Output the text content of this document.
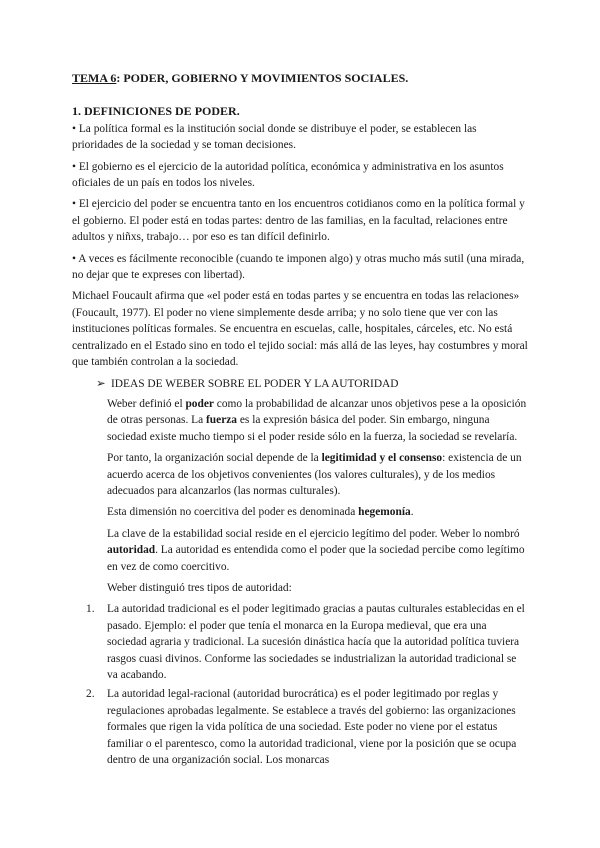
TEMA 6: PODER, GOBIERNO Y MOVIMIENTOS SOCIALES.
1. DEFINICIONES DE PODER.
• La política formal es la institución social donde se distribuye el poder, se establecen las prioridades de la sociedad y se toman decisiones.
• El gobierno es el ejercicio de la autoridad política, económica y administrativa en los asuntos oficiales de un país en todos los niveles.
• El ejercicio del poder se encuentra tanto en los encuentros cotidianos como en la política formal y el gobierno. El poder está en todas partes: dentro de las familias, en la facultad, relaciones entre adultos y niñxs, trabajo… por eso es tan difícil definirlo.
• A veces es fácilmente reconocible (cuando te imponen algo) y otras mucho más sutil (una mirada, no dejar que te expreses con libertad).
Michael Foucault afirma que «el poder está en todas partes y se encuentra en todas las relaciones» (Foucault, 1977). El poder no viene simplemente desde arriba; y no solo tiene que ver con las instituciones políticas formales. Se encuentra en escuelas, calle, hospitales, cárceles, etc. No está centralizado en el Estado sino en todo el tejido social: más allá de las leyes, hay costumbres y moral que también controlan a la sociedad.
➢ IDEAS DE WEBER SOBRE EL PODER Y LA AUTORIDAD
Weber definió el poder como la probabilidad de alcanzar unos objetivos pese a la oposición de otras personas. La fuerza es la expresión básica del poder. Sin embargo, ninguna sociedad existe mucho tiempo si el poder reside sólo en la fuerza, la sociedad se revelaría.
Por tanto, la organización social depende de la legitimidad y el consenso: existencia de un acuerdo acerca de los objetivos convenientes (los valores culturales), y de los medios adecuados para alcanzarlos (las normas culturales).
Esta dimensión no coercitiva del poder es denominada hegemonía.
La clave de la estabilidad social reside en el ejercicio legítimo del poder. Weber lo nombró autoridad. La autoridad es entendida como el poder que la sociedad percibe como legítimo en vez de como coercitivo.
Weber distinguió tres tipos de autoridad:
1.	La autoridad tradicional es el poder legitimado gracias a pautas culturales establecidas en el pasado. Ejemplo: el poder que tenía el monarca en la Europa medieval, que era una sociedad agraria y tradicional. La sucesión dinástica hacía que la autoridad política tuviera rasgos cuasi divinos. Conforme las sociedades se industrializan la autoridad tradicional se va acabando.
2.	La autoridad legal-racional (autoridad burocrática) es el poder legitimado por reglas y regulaciones aprobadas legalmente. Se establece a través del gobierno: las organizaciones formales que rigen la vida política de una sociedad. Este poder no viene por el estatus familiar o el parentesco, como la autoridad tradicional, viene por la posición que se ocupa dentro de una organización social. Los monarcas
